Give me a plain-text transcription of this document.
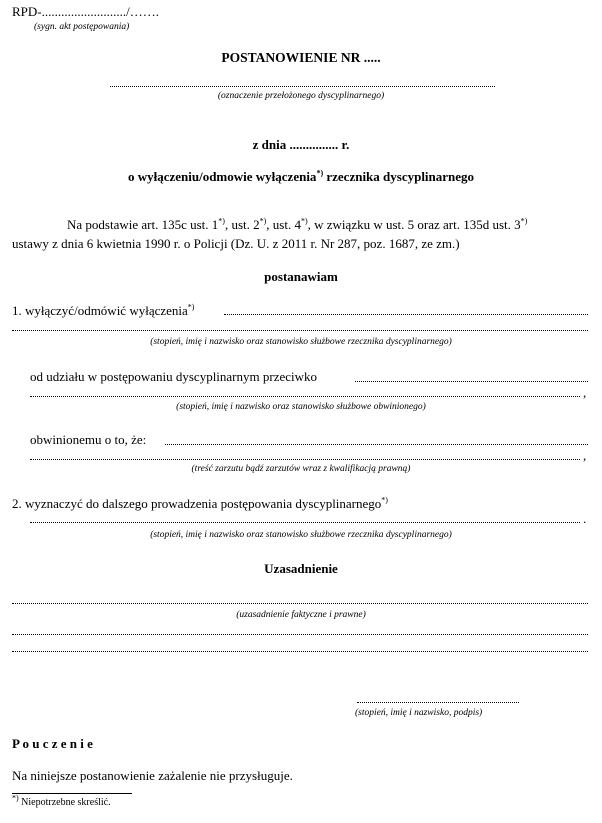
RPD-........................../…….
(sygn. akt postępowania)
POSTANOWIENIE NR .....
(oznaczenie przełożonego dyscyplinarnego)
z dnia ............... r.
o wyłączeniu/odmowie wyłączenia*) rzecznika dyscyplinarnego
Na podstawie art. 135c ust. 1*), ust. 2*), ust. 4*), w związku w ust. 5 oraz art. 135d ust. 3*)
ustawy z dnia 6 kwietnia 1990 r. o Policji (Dz. U. z 2011 r. Nr 287, poz. 1687, ze zm.)
postanawiam
1. wyłączyć/odmówić wyłączenia*)
(stopień, imię i nazwisko oraz stanowisko służbowe rzecznika dyscyplinarnego)
od udziału w postępowaniu dyscyplinarnym przeciwko
,
(stopień, imię i nazwisko oraz stanowisko służbowe obwinionego)
obwinionemu o to, że:
,
(treść zarzutu bądź zarzutów wraz z kwalifikacją prawną)
2. wyznaczyć do dalszego prowadzenia postępowania dyscyplinarnego*)
.
(stopień, imię i nazwisko oraz stanowisko służbowe rzecznika dyscyplinarnego)
Uzasadnienie
(uzasadnienie faktyczne i prawne)
(stopień, imię i nazwisko, podpis)
P o u c z e n i e
Na niniejsze postanowienie zażalenie nie przysługuje.
*) Niepotrzebne skreślić.
